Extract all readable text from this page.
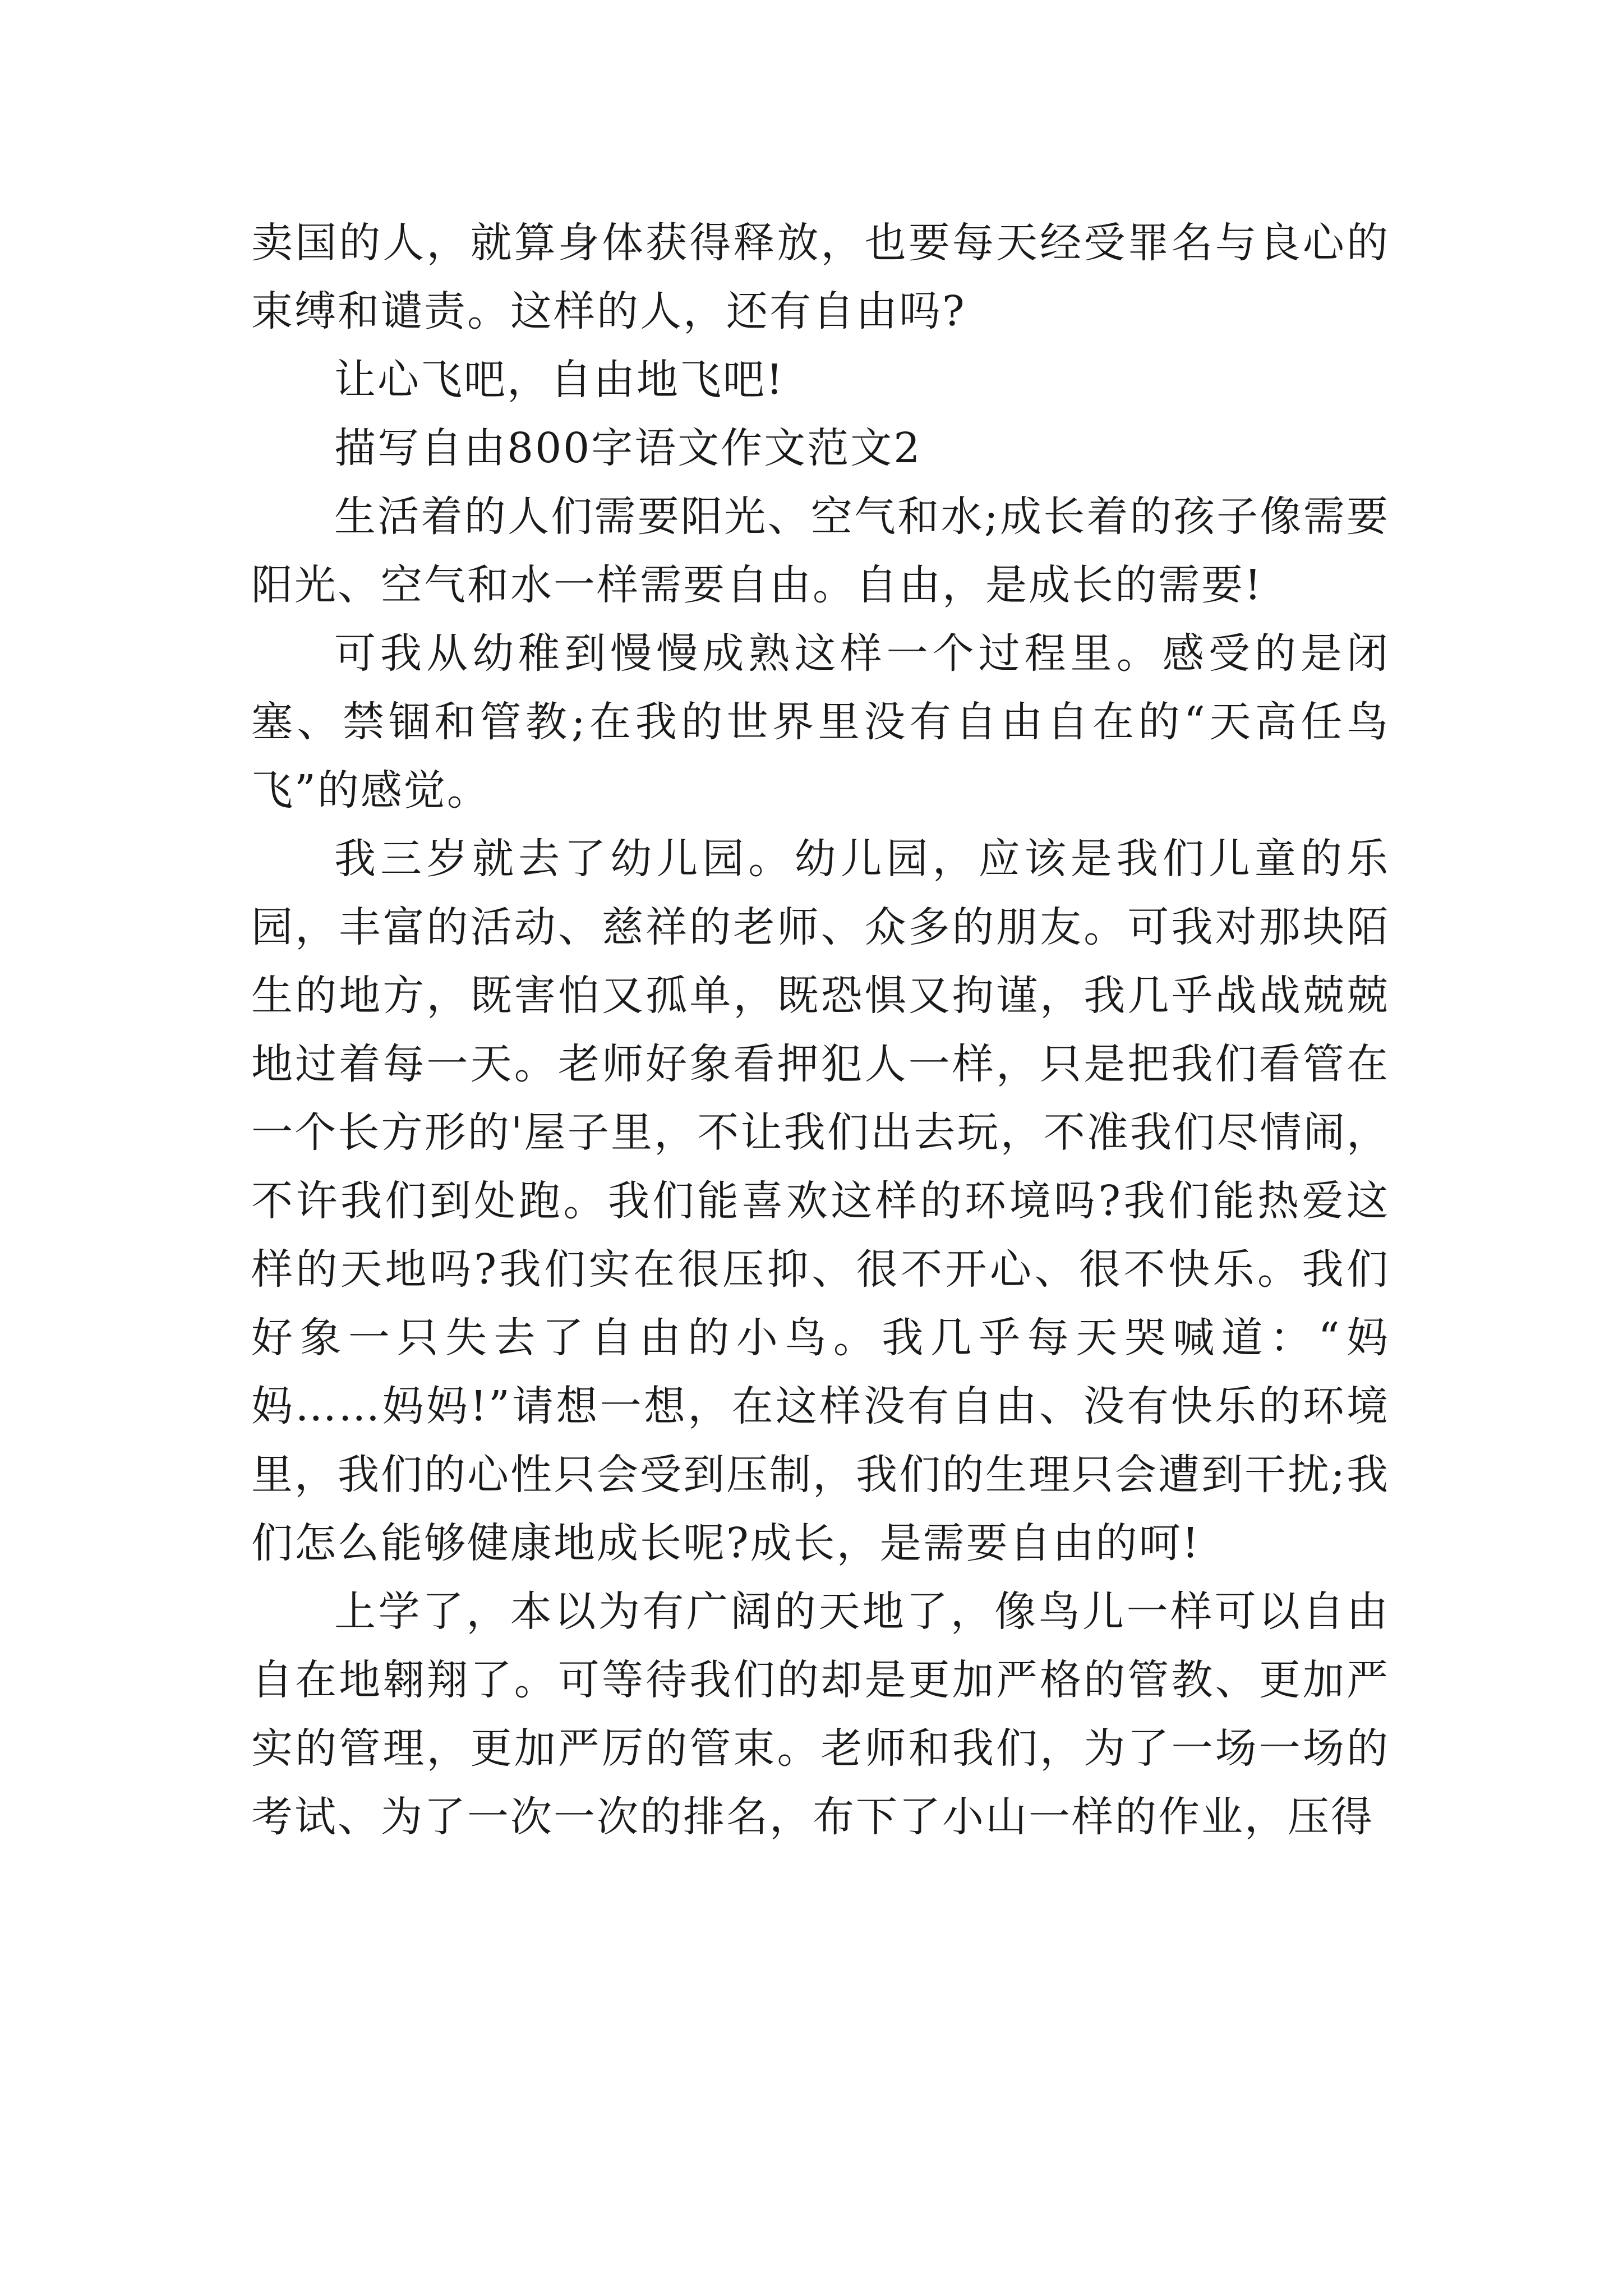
卖国的人，就算身体获得释放，也要每天经受罪名与良心的束缚和谴责。这样的人，还有自由吗?

让心飞吧，自由地飞吧!

描写自由800字语文作文范文2

生活着的人们需要阳光、空气和水;成长着的孩子像需要阳光、空气和水一样需要自由。自由，是成长的需要!

可我从幼稚到慢慢成熟这样一个过程里。感受的是闭塞、禁锢和管教;在我的世界里没有自由自在的“天高任鸟飞”的感觉。

我三岁就去了幼儿园。幼儿园，应该是我们儿童的乐园，丰富的活动、慈祥的老师、众多的朋友。可我对那块陌生的地方，既害怕又孤单，既恐惧又拘谨，我几乎战战兢兢地过着每一天。老师好象看押犯人一样，只是把我们看管在一个长方形的'屋子里，不让我们出去玩，不准我们尽情闹，不许我们到处跑。我们能喜欢这样的环境吗?我们能热爱这样的天地吗?我们实在很压抑、很不开心、很不快乐。我们好象一只失去了自由的小鸟。我几乎每天哭喊道：“妈妈……妈妈!”请想一想，在这样没有自由、没有快乐的环境里，我们的心性只会受到压制，我们的生理只会遭到干扰;我们怎么能够健康地成长呢?成长，是需要自由的呵!

上学了，本以为有广阔的天地了，像鸟儿一样可以自由自在地翱翔了。可等待我们的却是更加严格的管教、更加严实的管理，更加严厉的管束。老师和我们，为了一场一场的考试、为了一次一次的排名，布下了小山一样的作业，压得
